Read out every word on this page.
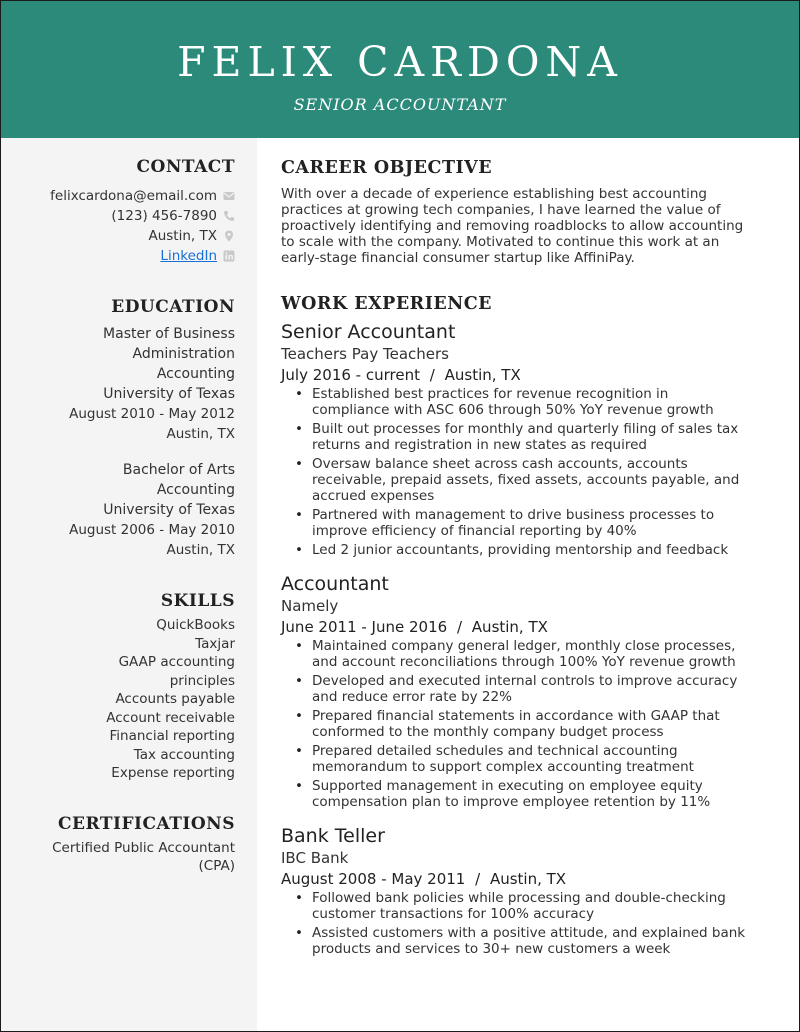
FELIX CARDONA
SENIOR ACCOUNTANT
CONTACT
felixcardona@email.com
(123) 456-7890
Austin, TX
LinkedIn
EDUCATION
Master of Business
Administration
Accounting
University of Texas
August 2010 - May 2012
Austin, TX
Bachelor of Arts
Accounting
University of Texas
August 2006 - May 2010
Austin, TX
SKILLS
QuickBooks
Taxjar
GAAP accounting
principles
Accounts payable
Account receivable
Financial reporting
Tax accounting
Expense reporting
CERTIFICATIONS
Certified Public Accountant
(CPA)
CAREER OBJECTIVE
With over a decade of experience establishing best accounting
practices at growing tech companies, I have learned the value of
proactively identifying and removing roadblocks to allow accounting
to scale with the company. Motivated to continue this work at an
early-stage financial consumer startup like AffiniPay.
WORK EXPERIENCE
Senior Accountant
Teachers Pay Teachers
July 2016 - current / Austin, TX
• Established best practices for revenue recognition in
compliance with ASC 606 through 50% YoY revenue growth
• Built out processes for monthly and quarterly filing of sales tax
returns and registration in new states as required
• Oversaw balance sheet across cash accounts, accounts
receivable, prepaid assets, fixed assets, accounts payable, and
accrued expenses
• Partnered with management to drive business processes to
improve efficiency of financial reporting by 40%
• Led 2 junior accountants, providing mentorship and feedback
Accountant
Namely
June 2011 - June 2016 / Austin, TX
• Maintained company general ledger, monthly close processes,
and account reconciliations through 100% YoY revenue growth
• Developed and executed internal controls to improve accuracy
and reduce error rate by 22%
• Prepared financial statements in accordance with GAAP that
conformed to the monthly company budget process
• Prepared detailed schedules and technical accounting
memorandum to support complex accounting treatment
• Supported management in executing on employee equity
compensation plan to improve employee retention by 11%
Bank Teller
IBC Bank
August 2008 - May 2011 / Austin, TX
• Followed bank policies while processing and double-checking
customer transactions for 100% accuracy
• Assisted customers with a positive attitude, and explained bank
products and services to 30+ new customers a week
